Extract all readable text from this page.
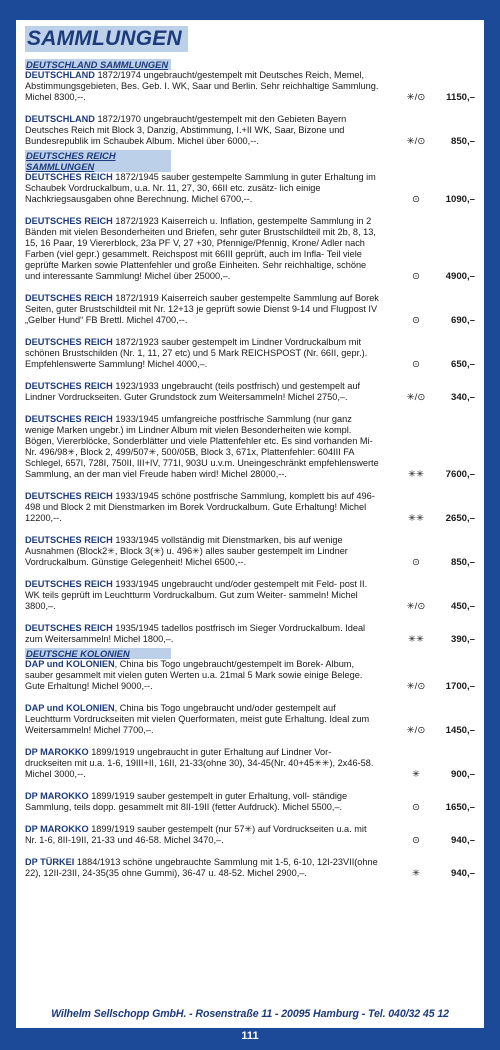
SAMMLUNGEN
DEUTSCHLAND SAMMLUNGEN
DEUTSCHLAND 1872/1974 ungebraucht/gestempelt mit Deutsches Reich, Memel, Abstimmungsgebieten, Bes. Geb. I. WK, Saar und Berlin. Sehr reichhaltige Sammlung. Michel 8300,--.	✳/⊙	1150,–
DEUTSCHLAND 1872/1970 ungebraucht/gestempelt mit den Gebieten Bayern Deutsches Reich mit Block 3, Danzig, Abstimmung, I.+II WK, Saar, Bizone und Bundesrepublik im Schaubek Album. Michel über 6000,--.	✳/⊙	850,–
DEUTSCHES REICH SAMMLUNGEN
DEUTSCHES REICH 1872/1945 sauber gestempelte Sammlung in guter Erhaltung im Schaubek Vordruckalbum, u.a. Nr. 11, 27, 30, 66II etc. zusätz- lich einige Nachkriegsausgaben ohne Berechnung. Michel 6700,--.	⊙	1090,–
DEUTSCHES REICH 1872/1923 Kaiserreich u. Inflation, gestempelte Sammlung in 2 Bänden mit vielen Besonderheiten und Briefen, sehr guter Brustschildteil mit 2b, 8, 13, 15, 16 Paar, 19 Viererblock, 23a PF V, 27 +30, Pfennige/Pfennig, Krone/ Adler nach Farben (viel gepr.) gesammelt. Reichspost mit 66III geprüft, auch im Infla- Teil viele geprüfte Marken sowie Plattenfehler und große Einheiten. Sehr reichhaltige, schöne und interessante Sammlung! Michel über 25000,–.	⊙	4900,–
DEUTSCHES REICH 1872/1919 Kaiserreich sauber gestempelte Sammlung auf Borek Seiten, guter Brustschildteil mit Nr. 12+13 je geprüft sowie Dienst 9-14 und Flugpost IV „Gelber Hund“ FB Brettl. Michel 4700,--.	⊙	690,–
DEUTSCHES REICH 1872/1923 sauber gestempelt im Lindner Vordruckalbum mit schönen Brustschilden (Nr. 1, 11, 27 etc) und 5 Mark REICHSPOST (Nr. 66II, gepr.). Empfehlenswerte Sammlung! Michel 4000,–.	⊙	650,–
DEUTSCHES REICH 1923/1933 ungebraucht (teils postfrisch) und gestempelt auf Lindner Vordruckseiten. Guter Grundstock zum Weitersammeln! Michel 2750,–.	✳/⊙	340,–
DEUTSCHES REICH 1933/1945 umfangreiche postfrische Sammlung (nur ganz wenige Marken ungebr.) im Lindner Album mit vielen Besonderheiten wie kompl. Bögen, Viererblöcke, Sonderblätter und viele Plattenfehler etc. Es sind vorhanden Mi-Nr. 496/98✳, Block 2, 499/507✳, 500/05B, Block 3, 671x, Plattenfehler: 604III FA Schlegel, 657I, 728I, 750II, III+IV, 771I, 903U u.v.m. Uneingeschränkt empfehlenswerte Sammlung, an der man viel Freude haben wird! Michel 28000,--.	✳✳	7600,–
DEUTSCHES REICH 1933/1945 schöne postfrische Sammlung, komplett bis auf 496-498 und Block 2 mit Dienstmarken im Borek Vordruckalbum. Gute Erhaltung! Michel 12200,--.	✳✳	2650,–
DEUTSCHES REICH 1933/1945 vollständig mit Dienstmarken, bis auf wenige Ausnahmen (Block2✳, Block 3(✳) u. 496✳) alles sauber gestempelt im Lindner Vordruckalbum. Günstige Gelegenheit! Michel 6500,--.	⊙	850,–
DEUTSCHES REICH 1933/1945 ungebraucht und/oder gestempelt mit Feld- post II. WK teils geprüft im Leuchtturm Vordruckalbum. Gut zum Weiter- sammeln! Michel 3800,–.	✳/⊙	450,–
DEUTSCHES REICH 1935/1945 tadellos postfrisch im Sieger Vordruckalbum. Ideal zum Weitersammeln! Michel 1800,–.	✳✳	390,–
DEUTSCHE KOLONIEN
DAP und KOLONIEN, China bis Togo ungebraucht/gestempelt im Borek- Album, sauber gesammelt mit vielen guten Werten u.a. 21mal 5 Mark sowie einige Belege. Gute Erhaltung! Michel 9000,--.	✳/⊙	1700,–
DAP und KOLONIEN, China bis Togo ungebraucht und/oder gestempelt auf Leuchtturm Vordruckseiten mit vielen Querformaten, meist gute Erhaltung. Ideal zum Weitersammeln! Michel 7700,–.	✳/⊙	1450,–
DP MAROKKO 1899/1919 ungebraucht in guter Erhaltung auf Lindner Vor- druckseiten mit u.a. 1-6, 19III+II, 16II, 21-33(ohne 30), 34-45(Nr. 40+45✳✳), 2x46-58. Michel 3000,--.	✳	900,–
DP MAROKKO 1899/1919 sauber gestempelt in guter Erhaltung, voll- ständige Sammlung, teils dopp. gesammelt mit 8II-19II (fetter Aufdruck). Michel 5500,–.	⊙	1650,–
DP MAROKKO 1899/1919 sauber gestempelt (nur 57✳) auf Vordruckseiten u.a. mit Nr. 1-6, 8II-19II, 21-33 und 46-58. Michel 3470,–.	⊙	940,–
DP TÜRKEI 1884/1913 schöne ungebrauchte Sammlung mit 1-5, 6-10, 12I-23VII(ohne 22), 12II-23II, 24-35(35 ohne Gummi), 36-47 u. 48-52. Michel 2900,–.	✳	940,–
Wilhelm Sellschopp GmbH. - Rosenstraße 11 - 20095 Hamburg - Tel. 040/32 45 12
111
